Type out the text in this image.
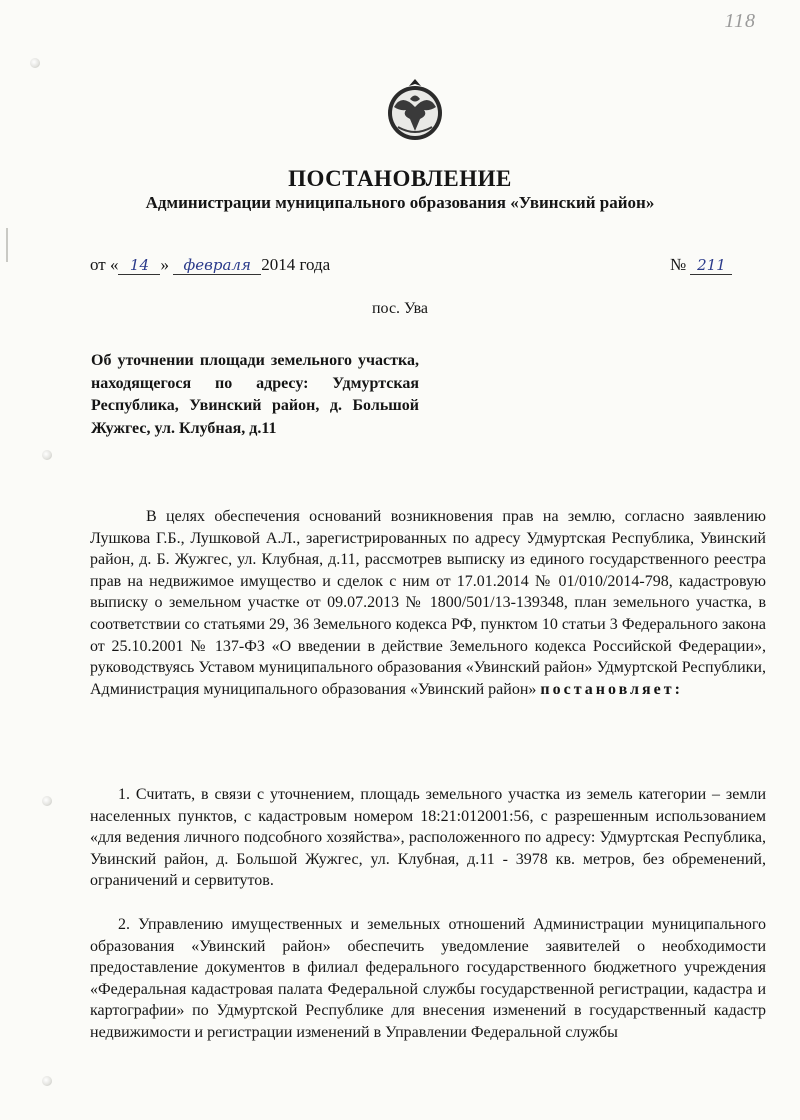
118
ПОСТАНОВЛЕНИЕ
Администрации муниципального образования «Увинский район»
от « 14 » февраля 2014 года	№ 211
пос. Ува
Об уточнении площади земельного участка, находящегося по адресу: Удмуртская Республика, Увинский район, д. Большой Жужгес, ул. Клубная, д.11
В целях обеспечения оснований возникновения прав на землю, согласно заявлению Лушкова Г.Б., Лушковой А.Л., зарегистрированных по адресу Удмуртская Республика, Увинский район, д. Б. Жужгес, ул. Клубная, д.11, рассмотрев выписку из единого государственного реестра прав на недвижимое имущество и сделок с ним от 17.01.2014 № 01/010/2014-798, кадастровую выписку о земельном участке от 09.07.2013 № 1800/501/13-139348, план земельного участка, в соответствии со статьями 29, 36 Земельного кодекса РФ, пунктом 10 статьи 3 Федерального закона от 25.10.2001 № 137-ФЗ «О введении в действие Земельного кодекса Российской Федерации», руководствуясь Уставом муниципального образования «Увинский район» Удмуртской Республики, Администрация муниципального образования «Увинский район» постановляет:
1. Считать, в связи с уточнением, площадь земельного участка из земель категории – земли населенных пунктов, с кадастровым номером 18:21:012001:56, с разрешенным использованием «для ведения личного подсобного хозяйства», расположенного по адресу: Удмуртская Республика, Увинский район, д. Большой Жужгес, ул. Клубная, д.11 - 3978 кв. метров, без обременений, ограничений и сервитутов.
2. Управлению имущественных и земельных отношений Администрации муниципального образования «Увинский район» обеспечить уведомление заявителей о необходимости предоставление документов в филиал федерального государственного бюджетного учреждения «Федеральная кадастровая палата Федеральной службы государственной регистрации, кадастра и картографии» по Удмуртской Республике для внесения изменений в государственный кадастр недвижимости и регистрации изменений в Управлении Федеральной службы
